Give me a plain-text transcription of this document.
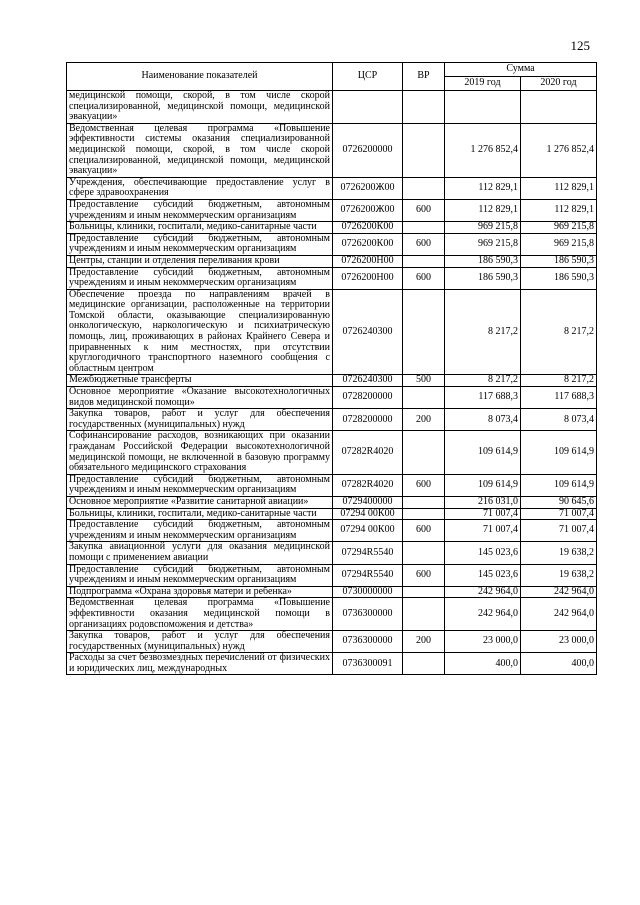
125
Наименование показателей	ЦСР	ВР	Сумма	
			2019 год	2020 год
медицинской помощи, скорой, в том числе скорой специализированной, медицинской помощи, медицинской эвакуации»				
Ведомственная целевая программа «Повышение эффективности системы оказания специализированной медицинской помощи, скорой, в том числе скорой специализированной, медицинской помощи, медицинской эвакуации»	0726200000		1 276 852,4	1 276 852,4
Учреждения, обеспечивающие предоставление услуг в сфере здравоохранения	0726200Ж00		112 829,1	112 829,1
Предоставление субсидий бюджетным, автономным учреждениям и иным некоммерческим организациям	0726200Ж00	600	112 829,1	112 829,1
Больницы, клиники, госпитали, медико-санитарные части	0726200К00		969 215,8	969 215,8
Предоставление субсидий бюджетным, автономным учреждениям и иным некоммерческим организациям	0726200К00	600	969 215,8	969 215,8
Центры, станции и отделения переливания крови	0726200Н00		186 590,3	186 590,3
Предоставление субсидий бюджетным, автономным учреждениям и иным некоммерческим организациям	0726200Н00	600	186 590,3	186 590,3
Обеспечение проезда по направлениям врачей в медицинские организации, расположенные на территории Томской области, оказывающие специализированную онкологическую, наркологическую и психиатрическую помощь, лиц, проживающих в районах Крайнего Севера и приравненных к ним местностях, при отсутствии круглогодичного транспортного наземного сообщения с областным центром	0726240300		8 217,2	8 217,2
Межбюджетные трансферты	0726240300	500	8 217,2	8 217,2
Основное мероприятие «Оказание высокотехнологичных видов медицинской помощи»	0728200000		117 688,3	117 688,3
Закупка товаров, работ и услуг для обеспечения государственных (муниципальных) нужд	0728200000	200	8 073,4	8 073,4
Софинансирование расходов, возникающих при оказании гражданам Российской Федерации высокотехнологичной медицинской помощи, не включенной в базовую программу обязательного медицинского страхования	07282R4020		109 614,9	109 614,9
Предоставление субсидий бюджетным, автономным учреждениям и иным некоммерческим организациям	07282R4020	600	109 614,9	109 614,9
Основное мероприятие «Развитие санитарной авиации»	0729400000		216 031,0	90 645,6
Больницы, клиники, госпитали, медико-санитарные части	07294 00К00		71 007,4	71 007,4
Предоставление субсидий бюджетным, автономным учреждениям и иным некоммерческим организациям	07294 00К00	600	71 007,4	71 007,4
Закупка авиационной услуги для оказания медицинской помощи с применением авиации	07294R5540		145 023,6	19 638,2
Предоставление субсидий бюджетным, автономным учреждениям и иным некоммерческим организациям	07294R5540	600	145 023,6	19 638,2
Подпрограмма «Охрана здоровья матери и ребенка»	0730000000		242 964,0	242 964,0
Ведомственная целевая программа «Повышение эффективности оказания медицинской помощи в организациях родовспоможения и детства»	0736300000		242 964,0	242 964,0
Закупка товаров, работ и услуг для обеспечения государственных (муниципальных) нужд	0736300000	200	23 000,0	23 000,0
Расходы за счет безвозмездных перечислений от физических и юридических лиц, международных	0736300091		400,0	400,0
